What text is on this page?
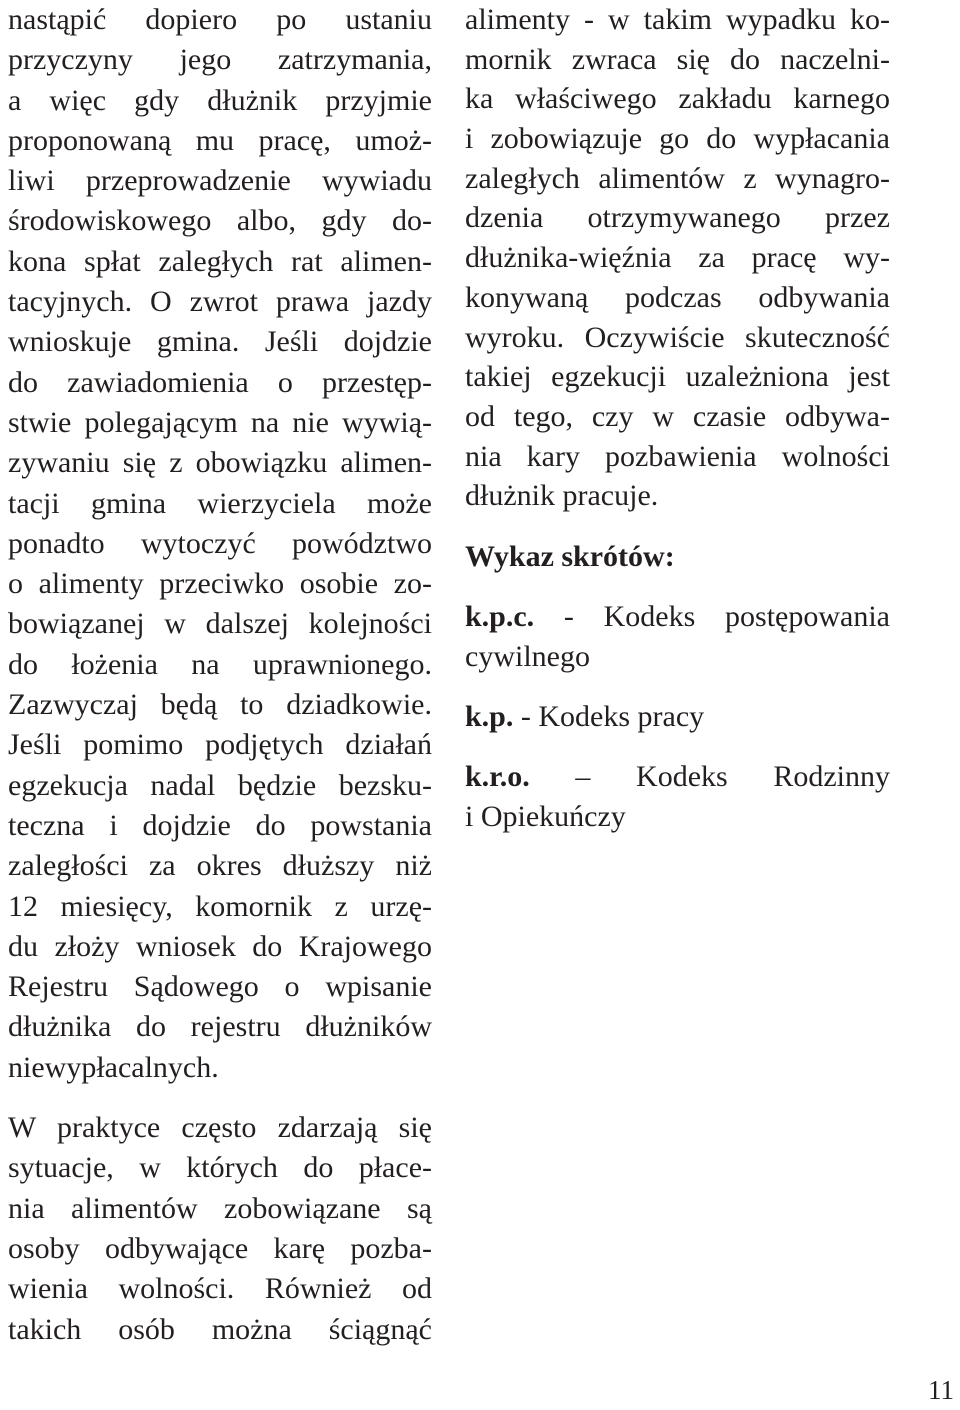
nastąpić dopiero po ustaniu
przyczyny jego zatrzymania,
a więc gdy dłużnik przyjmie
proponowaną mu pracę, umoż-
liwi przeprowadzenie wywiadu
środowiskowego albo, gdy do-
kona spłat zaległych rat alimen-
tacyjnych. O zwrot prawa jazdy
wnioskuje gmina. Jeśli dojdzie
do zawiadomienia o przestęp-
stwie polegającym na nie wywią-
zywaniu się z obowiązku alimen-
tacji gmina wierzyciela może
ponadto wytoczyć powództwo
o alimenty przeciwko osobie zo-
bowiązanej w dalszej kolejności
do łożenia na uprawnionego.
Zazwyczaj będą to dziadkowie.
Jeśli pomimo podjętych działań
egzekucja nadal będzie bezsku-
teczna i dojdzie do powstania
zaległości za okres dłuższy niż
12 miesięcy, komornik z urzę-
du złoży wniosek do Krajowego
Rejestru Sądowego o wpisanie
dłużnika do rejestru dłużników
niewypłacalnych.
W praktyce często zdarzają się
sytuacje, w których do płace-
nia alimentów zobowiązane są
osoby odbywające karę pozba-
wienia wolności. Również od
takich osób można ściągnąć
alimenty - w takim wypadku ko-
mornik zwraca się do naczelni-
ka właściwego zakładu karnego
i zobowiązuje go do wypłacania
zaległych alimentów z wynagro-
dzenia otrzymywanego przez
dłużnika-więźnia za pracę wy-
konywaną podczas odbywania
wyroku. Oczywiście skuteczność
takiej egzekucji uzależniona jest
od tego, czy w czasie odbywa-
nia kary pozbawienia wolności
dłużnik pracuje.
Wykaz skrótów:
k.p.c. - Kodeks postępowania
cywilnego
k.p. - Kodeks pracy
k.r.o. – Kodeks Rodzinny
i Opiekuńczy
11
